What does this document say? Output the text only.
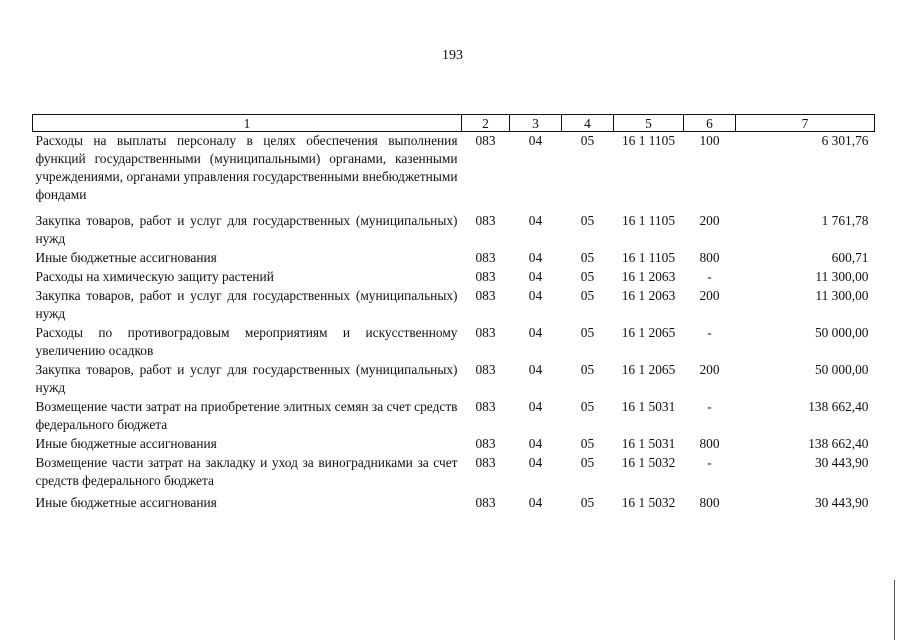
193
1	2	3	4	5	6	7
Расходы на выплаты персоналу в целях обеспечения выполнения функций государственными (муниципальными) органами, казенными учреждениями, органами управления государственными внебюджетными фондами	083	04	05	16 1 1105	100	6 301,76
Закупка товаров, работ и услуг для государственных (муниципальных) нужд	083	04	05	16 1 1105	200	1 761,78
Иные бюджетные ассигнования	083	04	05	16 1 1105	800	600,71
Расходы на химическую защиту растений	083	04	05	16 1 2063	-	11 300,00
Закупка товаров, работ и услуг для государственных (муниципальных) нужд	083	04	05	16 1 2063	200	11 300,00
Расходы по противоградовым мероприятиям и искусственному увеличению осадков	083	04	05	16 1 2065	-	50 000,00
Закупка товаров, работ и услуг для государственных (муниципальных) нужд	083	04	05	16 1 2065	200	50 000,00
Возмещение части затрат на приобретение элитных семян за счет средств федерального бюджета	083	04	05	16 1 5031	-	138 662,40
Иные бюджетные ассигнования	083	04	05	16 1 5031	800	138 662,40
Возмещение части затрат на закладку и уход за виноградниками за счет средств федерального бюджета	083	04	05	16 1 5032	-	30 443,90
Иные бюджетные ассигнования	083	04	05	16 1 5032	800	30 443,90
